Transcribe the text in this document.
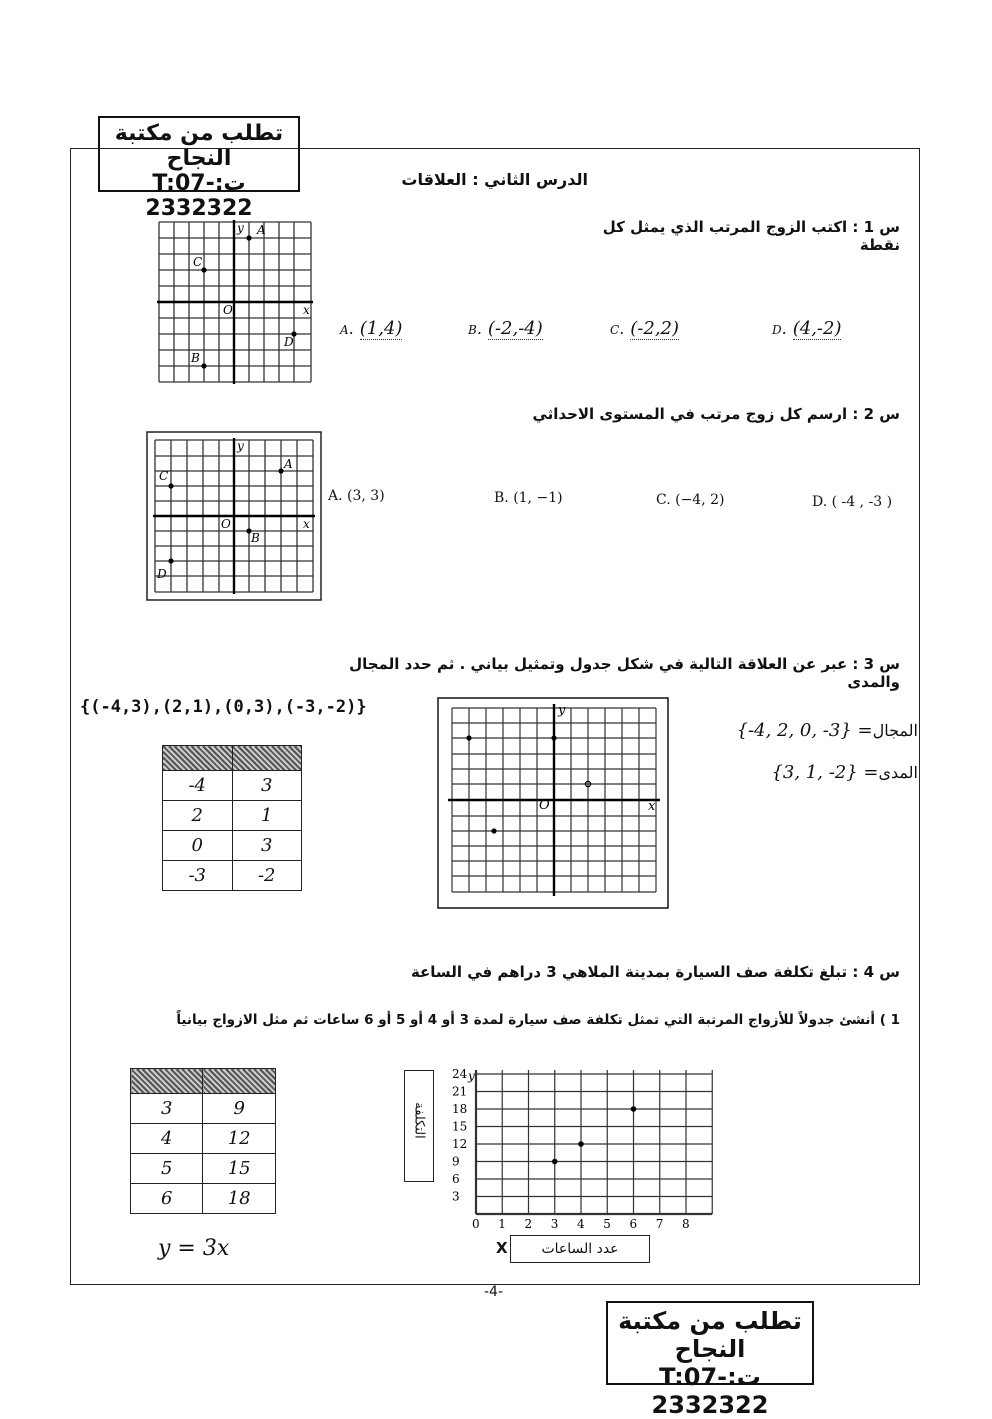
تطلب من مكتبة النجاح
ت:T:07-2332322
تطلب من مكتبة النجاح
ت:T:07-2332322
الدرس الثاني : العلاقات
س 1 : اكتب الزوج المرتب الذي يمثل كل نقطة
y A
C
O	x
D
B
A. (1,4)	B. (-2,-4)	C. (-2,2)	D. (4,-2)
س 2 : ارسم كل زوج مرتب في المستوى الاحداثي
y
A
C
O	x
B
D
A. (3, 3)	B. (1, −1)	C. (−4, 2)	D. ( -4 , -3 )
س 3 : عبر عن العلاقة التالية في شكل جدول وتمثيل بياني . ثم حدد المجال والمدى
{(-4,3),(2,1),(0,3),(-3,-2)}

-4	3
2	1
0	3
-3	-2
y
O	x
المجال{-4, 2, 0, -3} =
المدى{3, 1, -2} =
س 4 : تبلغ تكلفة صف السيارة بمدينة الملاهي 3 دراهم في الساعة
1 ) أنشئ جدولاً للأزواج المرتبة التي تمثل تكلفة صف سيارة لمدة 3 أو 4 أو 5 أو 6 ساعات ثم مثل الازواج بيانياً

3	9
4	12
5	15
6	18
y = 3x
التكلفة
0 1 2 3 4 5 6 7 8
3
6
9
12
15
18
21
24 y
X	عدد الساعات
-4-
